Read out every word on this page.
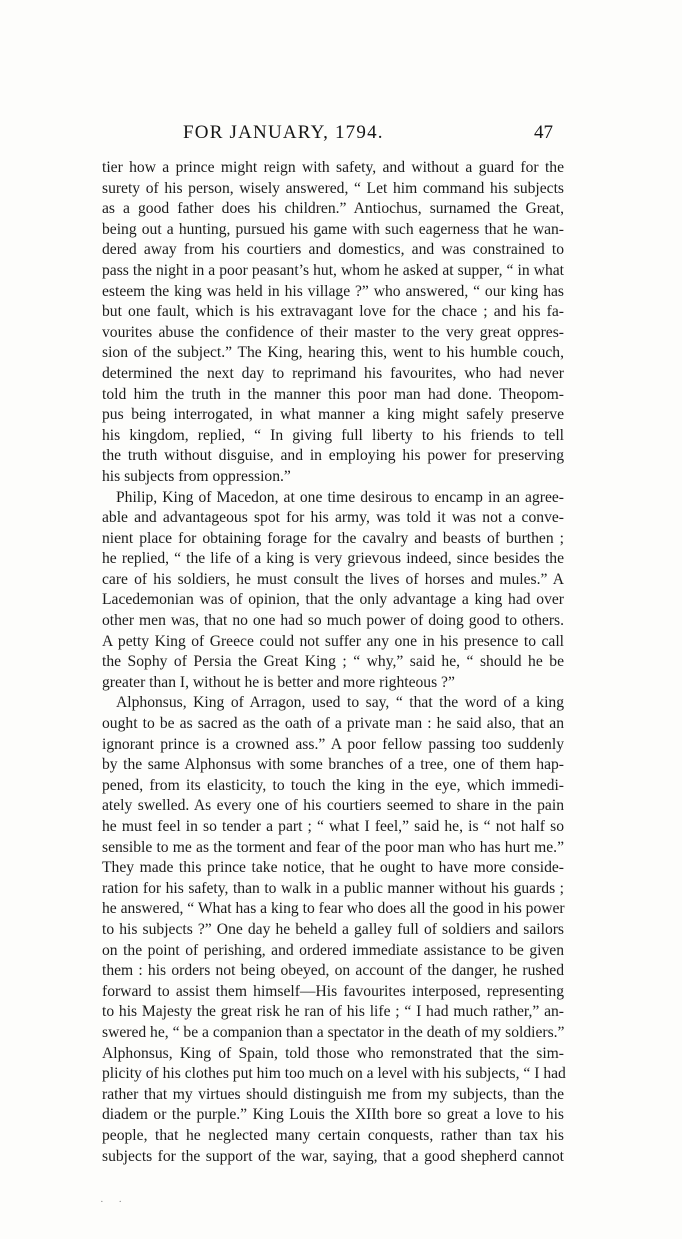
FOR JANUARY, 1794.	47
tier how a prince might reign with safety, and without a guard for the
surety of his person, wisely answered, “ Let him command his subjects
as a good father does his children.” Antiochus, surnamed the Great,
being out a hunting, pursued his game with such eagerness that he wan-
dered away from his courtiers and domestics, and was constrained to
pass the night in a poor peasant’s hut, whom he asked at supper, “ in what
esteem the king was held in his village ?” who answered, “ our king has
but one fault, which is his extravagant love for the chace ; and his fa-
vourites abuse the confidence of their master to the very great oppres-
sion of the subject.” The King, hearing this, went to his humble couch,
determined the next day to reprimand his favourites, who had never
told him the truth in the manner this poor man had done. Theopom-
pus being interrogated, in what manner a king might safely preserve
his kingdom, replied, “ In giving full liberty to his friends to tell
the truth without disguise, and in employing his power for preserving
his subjects from oppression.”
Philip, King of Macedon, at one time desirous to encamp in an agree-
able and advantageous spot for his army, was told it was not a conve-
nient place for obtaining forage for the cavalry and beasts of burthen ;
he replied, “ the life of a king is very grievous indeed, since besides the
care of his soldiers, he must consult the lives of horses and mules.” A
Lacedemonian was of opinion, that the only advantage a king had over
other men was, that no one had so much power of doing good to others.
A petty King of Greece could not suffer any one in his presence to call
the Sophy of Persia the Great King ; “ why,” said he, “ should he be
greater than I, without he is better and more righteous ?”
Alphonsus, King of Arragon, used to say, “ that the word of a king
ought to be as sacred as the oath of a private man : he said also, that an
ignorant prince is a crowned ass.” A poor fellow passing too suddenly
by the same Alphonsus with some branches of a tree, one of them hap-
pened, from its elasticity, to touch the king in the eye, which immedi-
ately swelled. As every one of his courtiers seemed to share in the pain
he must feel in so tender a part ; “ what I feel,” said he, is “ not half so
sensible to me as the torment and fear of the poor man who has hurt me.”
They made this prince take notice, that he ought to have more conside-
ration for his safety, than to walk in a public manner without his guards ;
he answered, “ What has a king to fear who does all the good in his power
to his subjects ?” One day he beheld a galley full of soldiers and sailors
on the point of perishing, and ordered immediate assistance to be given
them : his orders not being obeyed, on account of the danger, he rushed
forward to assist them himself—His favourites interposed, representing
to his Majesty the great risk he ran of his life ; “ I had much rather,” an-
swered he, “ be a companion than a spectator in the death of my soldiers.”
Alphonsus, King of Spain, told those who remonstrated that the sim-
plicity of his clothes put him too much on a level with his subjects, “ I had
rather that my virtues should distinguish me from my subjects, than the
diadem or the purple.” King Louis the XIIth bore so great a love to his
people, that he neglected many certain conquests, rather than tax his
subjects for the support of the war, saying, that a good shepherd cannot
· ·
